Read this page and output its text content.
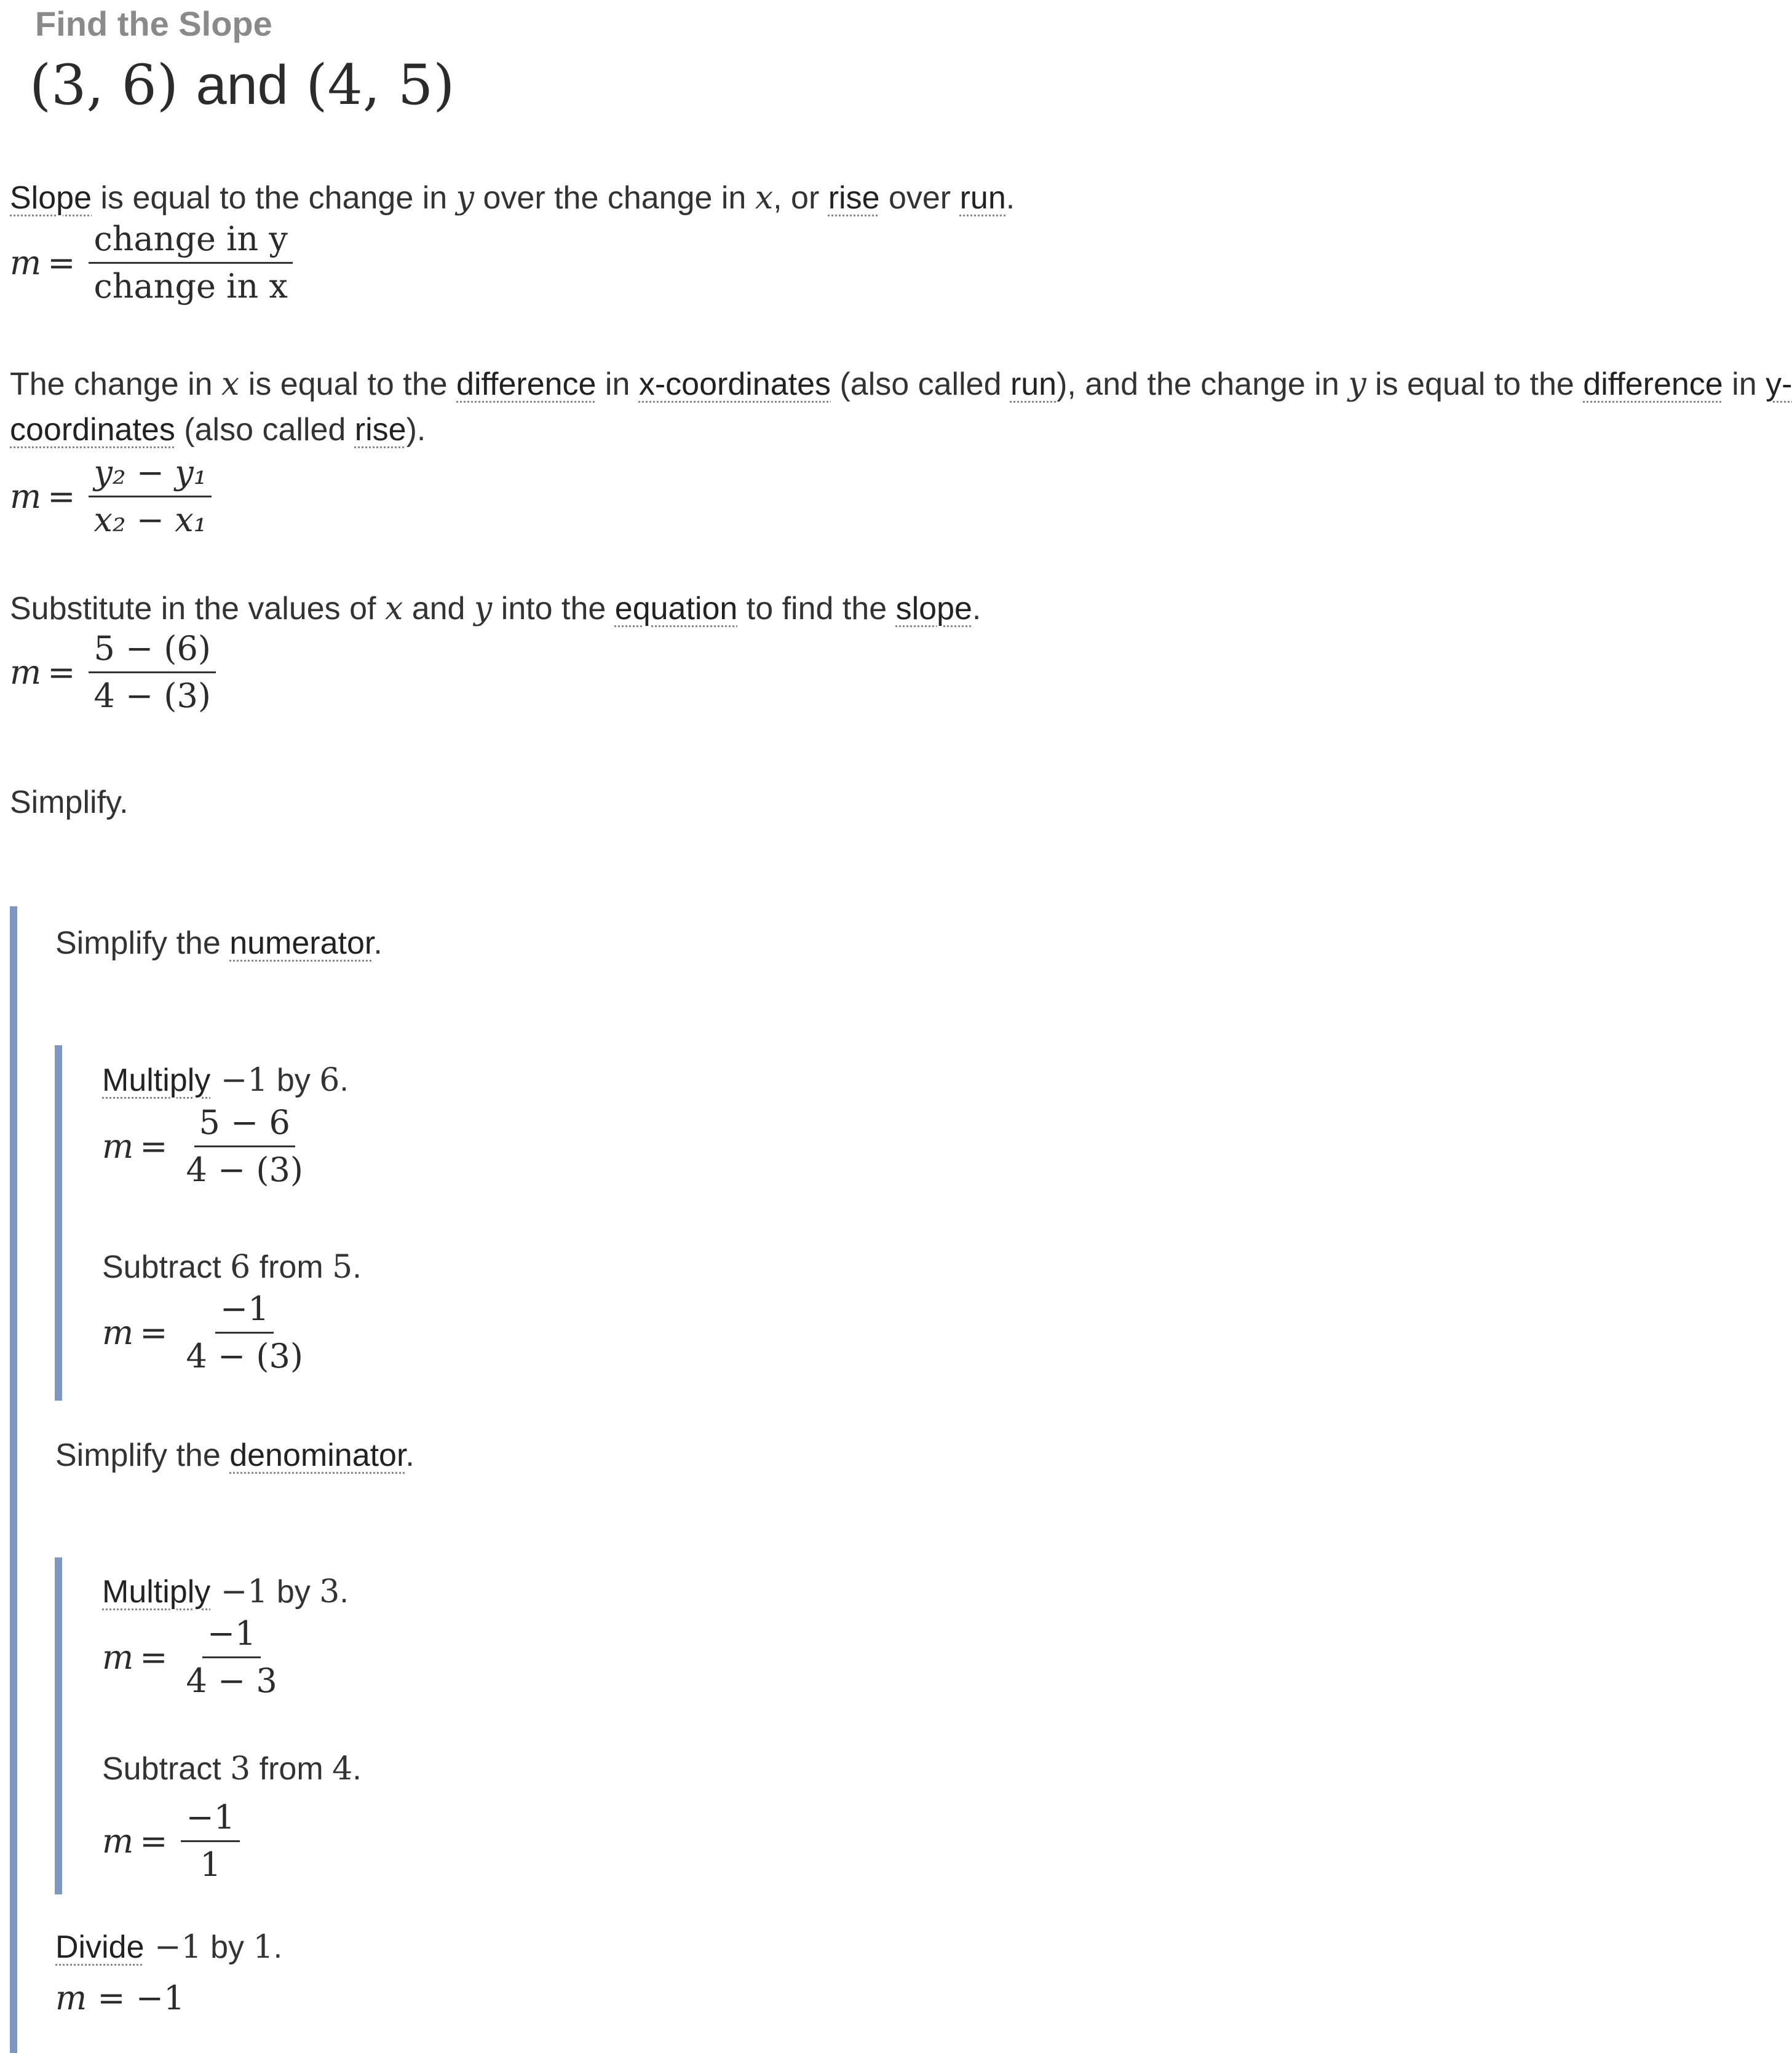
Find the Slope
(3, 6) and (4, 5)
Slope is equal to the change in y over the change in x, or rise over run.
$m = \frac{\text{change in y}}{\text{change in x}}$
The change in x is equal to the difference in x-coordinates (also called run), and the change in y is equal to the difference in y-
coordinates (also called rise).
$m = \frac{\text{y₂ − y₁}}{\text{x₂ − x₁}}$
Substitute in the values of x and y into the equation to find the slope.
$m = \frac{5 - (6)}{4 - (3)}$
Simplify.
Simplify the numerator.
Multiply −1 by 6.
$m = \frac{5 - 6}{4 - (3)}$
Subtract 6 from 5.
$m = \frac{-1}{4 - (3)}$
Simplify the denominator.
Multiply −1 by 3.
$m = \frac{-1}{4 - 3}$
Subtract 3 from 4.
$m = \frac{-1}{1}$
Divide −1 by 1.
m = −1
